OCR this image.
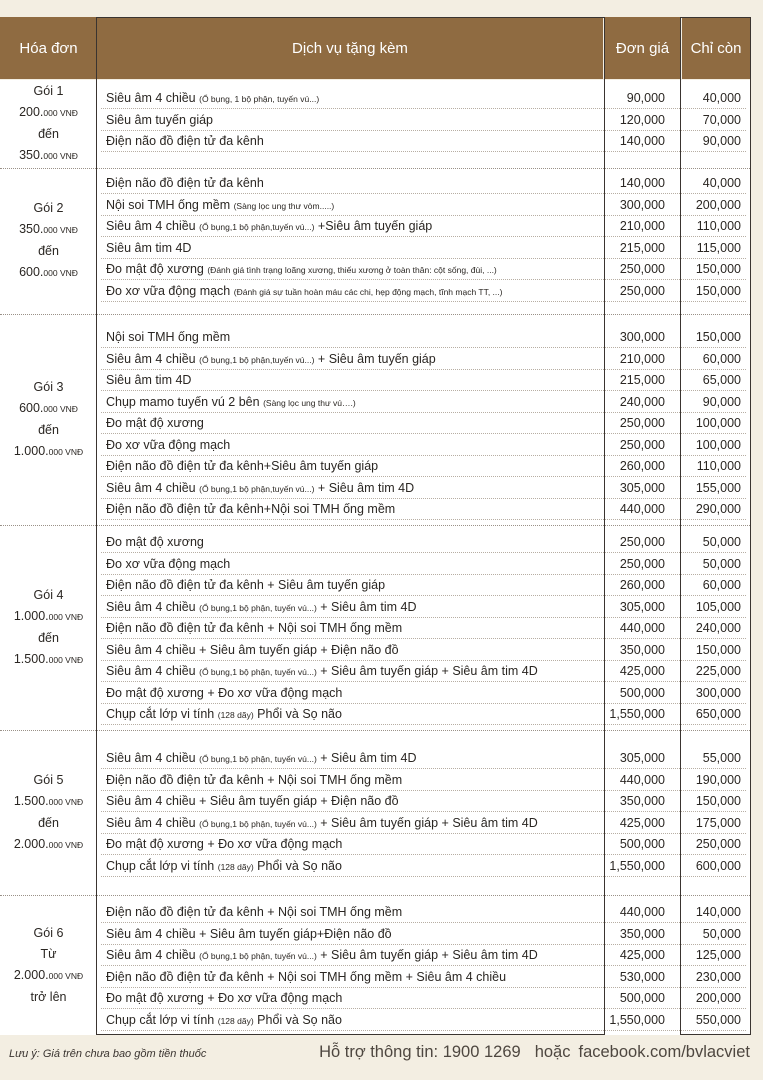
Hóa đơn	Dịch vụ tặng kèm	Đơn giá	Chỉ còn
Gói 1
200.000 VNĐ
đến
350.000 VNĐ
Siêu âm 4 chiều (Ổ bụng, 1 bộ phận, tuyến vú...)	90,000	40,000
Siêu âm tuyến giáp	120,000	70,000
Điện não đồ điện tử đa kênh	140,000	90,000
Gói 2
350.000 VNĐ
đến
600.000 VNĐ
Điện não đồ điện tử đa kênh	140,000	40,000
Nội soi TMH ống mềm (Sàng lọc ung thư vòm.....)	300,000	200,000
Siêu âm 4 chiều (Ổ bụng,1 bộ phận,tuyến vú...) +Siêu âm tuyến giáp	210,000	110,000
Siêu âm tim 4D	215,000	115,000
Đo mật độ xương (Đánh giá tình trạng loãng xương, thiếu xương ở toàn thân: cột sống, đùi, ...)	250,000	150,000
Đo xơ vữa động mạch (Đánh giá sự tuần hoàn máu các chi, hẹp động mạch, tĩnh mạch TT, ...)	250,000	150,000
Gói 3
600.000 VNĐ
đến
1.000.000 VNĐ
Nội soi TMH ống mềm	300,000	150,000
Siêu âm 4 chiều (Ổ bụng,1 bộ phận,tuyến vú...) + Siêu âm tuyến giáp	210,000	60,000
Siêu âm tim 4D	215,000	65,000
Chụp mamo tuyến vú 2 bên (Sàng lọc ung thư vú….)	240,000	90,000
Đo mật độ xương	250,000	100,000
Đo xơ vữa động mạch	250,000	100,000
Điện não đồ điện tử đa kênh+Siêu âm tuyến giáp	260,000	110,000
Siêu âm 4 chiều (Ổ bụng,1 bộ phận,tuyến vú...) + Siêu âm tim 4D	305,000	155,000
Điện não đồ điện tử đa kênh+Nội soi TMH ống mềm	440,000	290,000
Gói 4
1.000.000 VNĐ
đến
1.500.000 VNĐ
Đo mật độ xương	250,000	50,000
Đo xơ vữa động mạch	250,000	50,000
Điện não đồ điện tử đa kênh + Siêu âm tuyến giáp	260,000	60,000
Siêu âm 4 chiều (Ổ bụng,1 bộ phận, tuyến vú...) + Siêu âm tim 4D	305,000	105,000
Điện não đồ điện tử đa kênh + Nội soi TMH ống mềm	440,000	240,000
Siêu âm 4 chiều + Siêu âm tuyến giáp + Điện não đồ	350,000	150,000
Siêu âm 4 chiều (Ổ bụng,1 bộ phận, tuyến vú...) + Siêu âm tuyến giáp + Siêu âm tim 4D	425,000	225,000
Đo mật độ xương + Đo xơ vữa động mạch	500,000	300,000
Chụp cắt lớp vi tính (128 dãy) Phổi và Sọ não	1,550,000	650,000
Gói 5
1.500.000 VNĐ
đến
2.000.000 VNĐ
Siêu âm 4 chiều (Ổ bụng,1 bộ phận, tuyến vú...) + Siêu âm tim 4D	305,000	55,000
Điện não đồ điện tử đa kênh + Nội soi TMH ống mềm	440,000	190,000
Siêu âm 4 chiều + Siêu âm tuyến giáp + Điện não đồ	350,000	150,000
Siêu âm 4 chiều (Ổ bụng,1 bộ phận, tuyến vú...) + Siêu âm tuyến giáp + Siêu âm tim 4D	425,000	175,000
Đo mật độ xương + Đo xơ vữa động mạch	500,000	250,000
Chụp cắt lớp vi tính (128 dãy) Phổi và Sọ não	1,550,000	600,000
Gói 6
Từ
2.000.000 VNĐ
trở lên
Điện não đồ điện tử đa kênh + Nội soi TMH ống mềm	440,000	140,000
Siêu âm 4 chiều + Siêu âm tuyến giáp+Điện não đồ	350,000	50,000
Siêu âm 4 chiều (Ổ bụng,1 bộ phận, tuyến vú...) + Siêu âm tuyến giáp + Siêu âm tim 4D	425,000	125,000
Điện não đồ điện tử đa kênh + Nội soi TMH ống mềm + Siêu âm 4 chiều	530,000	230,000
Đo mật độ xương + Đo xơ vữa động mạch	500,000	200,000
Chụp cắt lớp vi tính (128 dãy) Phổi và Sọ não	1,550,000	550,000
Lưu ý: Giá trên chưa bao gồm tiền thuốc	Hỗ trợ thông tin: 1900 1269 hoặc facebook.com/bvlacviet
